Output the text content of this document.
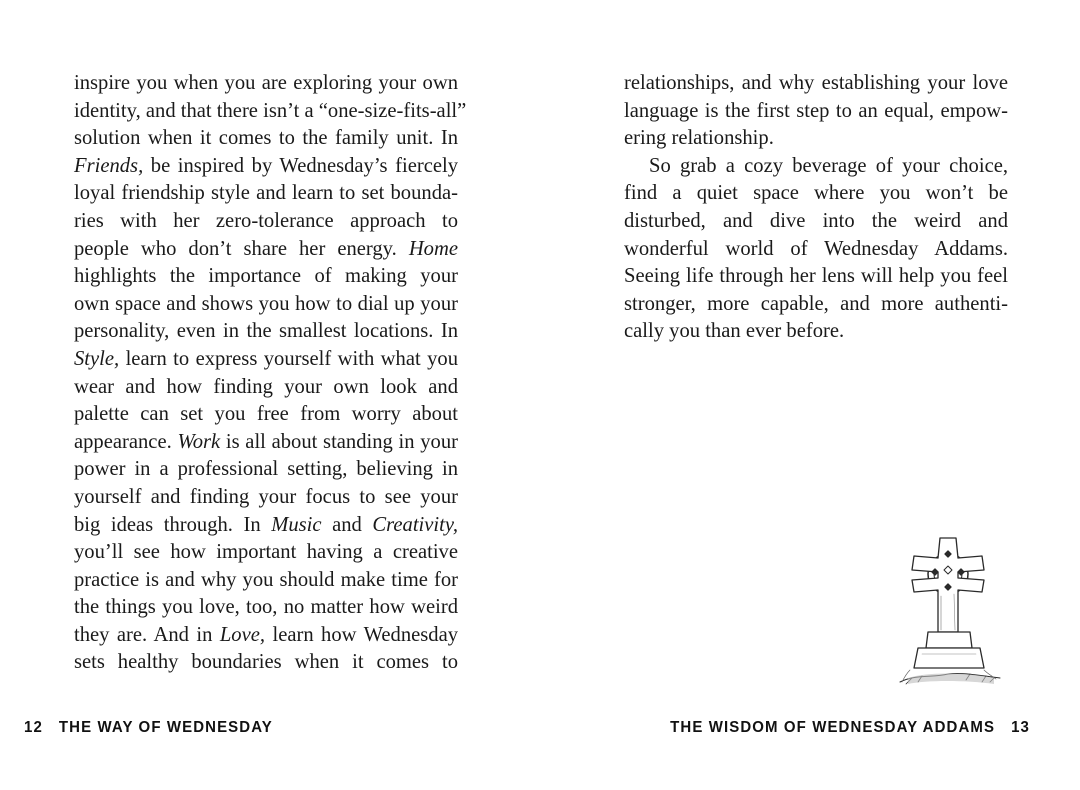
inspire you when you are exploring your own
identity, and that there isn’t a “one-size-fits-all”
solution when it comes to the family unit. In
Friends, be inspired by Wednesday’s fiercely
loyal friendship style and learn to set bounda-
ries with her zero-tolerance approach to
people who don’t share her energy. Home
highlights the importance of making your
own space and shows you how to dial up your
personality, even in the smallest locations. In
Style, learn to express yourself with what you
wear and how finding your own look and
palette can set you free from worry about
appearance. Work is all about standing in your
power in a professional setting, believing in
yourself and finding your focus to see your
big ideas through. In Music and Creativity,
you’ll see how important having a creative
practice is and why you should make time for
the things you love, too, no matter how weird
they are. And in Love, learn how Wednesday
sets healthy boundaries when it comes to
12 THE WAY OF WEDNESDAY
relationships, and why establishing your love
language is the first step to an equal, empow-
ering relationship.
So grab a cozy beverage of your choice,
find a quiet space where you won’t be
disturbed, and dive into the weird and
wonderful world of Wednesday Addams.
Seeing life through her lens will help you feel
stronger, more capable, and more authenti-
cally you than ever before.
THE WISDOM OF WEDNESDAY ADDAMS 13
